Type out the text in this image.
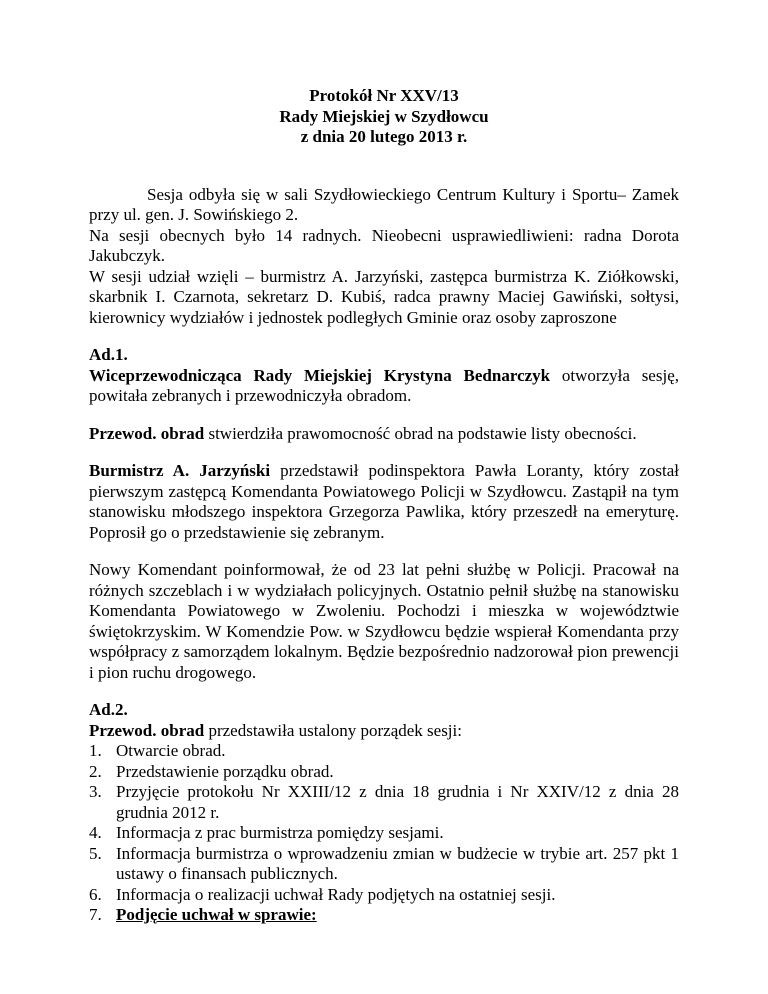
Protokół Nr XXV/13
Rady Miejskiej w Szydłowcu
z dnia 20 lutego 2013 r.

Sesja odbyła się w sali Szydłowieckiego Centrum Kultury i Sportu– Zamek przy ul. gen. J. Sowińskiego 2.

Na sesji obecnych było 14 radnych. Nieobecni usprawiedliwieni: radna Dorota Jakubczyk.

W sesji udział wzięli – burmistrz A. Jarzyński, zastępca burmistrza K. Ziółkowski, skarbnik I. Czarnota, sekretarz D. Kubiś, radca prawny Maciej Gawiński, sołtysi, kierownicy wydziałów i jednostek podległych Gminie oraz osoby zaproszone

Ad.1.

Wiceprzewodnicząca Rady Miejskiej Krystyna Bednarczyk otworzyła sesję, powitała zebranych i przewodniczyła obradom.

Przewod. obrad stwierdziła prawomocność obrad na podstawie listy obecności.

Burmistrz A. Jarzyński przedstawił podinspektora Pawła Loranty, który został pierwszym zastępcą Komendanta Powiatowego Policji w Szydłowcu. Zastąpił na tym stanowisku młodszego inspektora Grzegorza Pawlika, który przeszedł na emeryturę. Poprosił go o przedstawienie się zebranym.

Nowy Komendant poinformował, że od 23 lat pełni służbę w Policji. Pracował na różnych szczeblach i w wydziałach policyjnych. Ostatnio pełnił służbę na stanowisku Komendanta Powiatowego w Zwoleniu. Pochodzi i mieszka w województwie świętokrzyskim. W Komendzie Pow. w Szydłowcu będzie wspierał Komendanta przy współpracy z samorządem lokalnym. Będzie bezpośrednio nadzorował pion prewencji i pion ruchu drogowego.

Ad.2.

Przewod. obrad przedstawiła ustalony porządek sesji:

1. Otwarcie obrad.
2. Przedstawienie porządku obrad.
3. Przyjęcie protokołu Nr XXIII/12 z dnia 18 grudnia i Nr XXIV/12 z dnia 28 grudnia 2012 r.
4. Informacja z prac burmistrza pomiędzy sesjami.
5. Informacja burmistrza o wprowadzeniu zmian w budżecie w trybie art. 257 pkt 1 ustawy o finansach publicznych.
6. Informacja o realizacji uchwał Rady podjętych na ostatniej sesji.
7. Podjęcie uchwał w sprawie:
